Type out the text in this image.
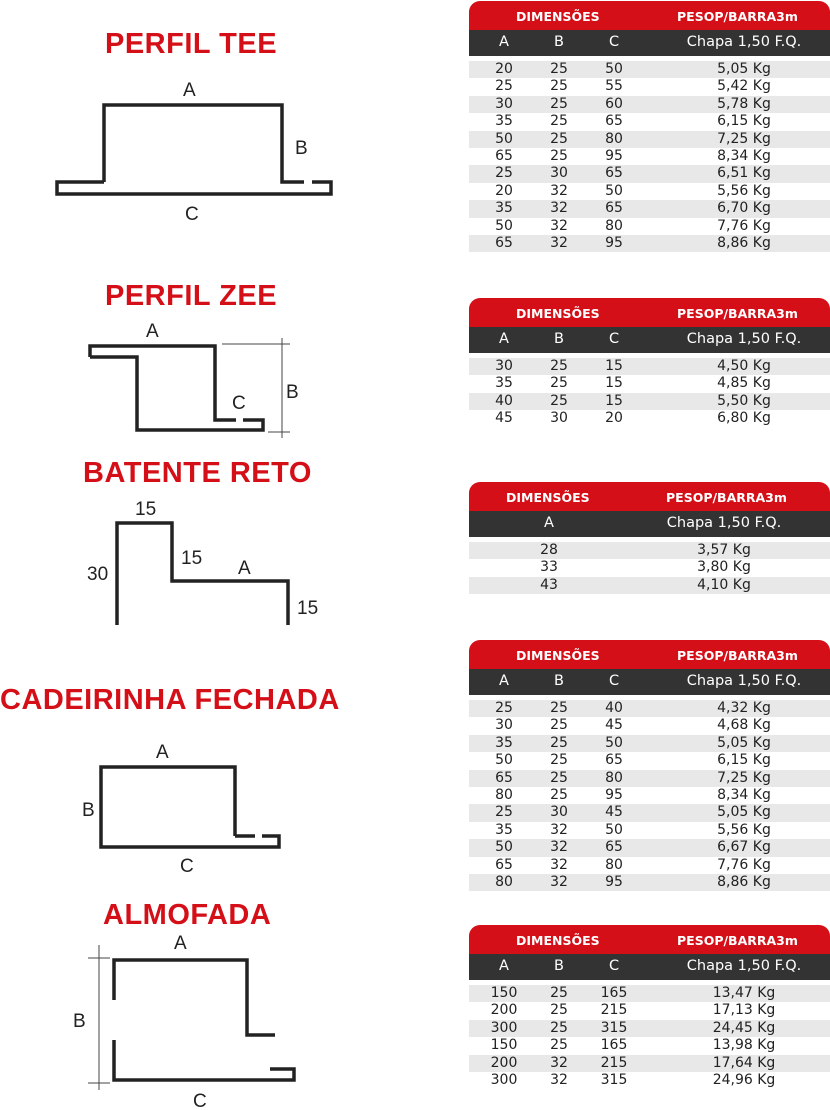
PERFIL TEE
PERFIL ZEE
BATENTE RETO
CADEIRINHA FECHADA
ALMOFADA
A
B
C
A
B
C
15
30
15 A
15
A
B
C
A
B
C
DIMENSÕES	PESOP/BARRA3m
A	B	C	Chapa 1,50 F.Q.
20	25	50	5,05 Kg
25	25	55	5,42 Kg
30	25	60	5,78 Kg
35	25	65	6,15 Kg
50	25	80	7,25 Kg
65	25	95	8,34 Kg
25	30	65	6,51 Kg
20	32	50	5,56 Kg
35	32	65	6,70 Kg
50	32	80	7,76 Kg
65	32	95	8,86 Kg
DIMENSÕES	PESOP/BARRA3m
A	B	C	Chapa 1,50 F.Q.
30	25	15	4,50 Kg
35	25	15	4,85 Kg
40	25	15	5,50 Kg
45	30	20	6,80 Kg
DIMENSÕES	PESOP/BARRA3m
A	Chapa 1,50 F.Q.
28	3,57 Kg
33	3,80 Kg
43	4,10 Kg
DIMENSÕES	PESOP/BARRA3m
A	B	C	Chapa 1,50 F.Q.
25	25	40	4,32 Kg
30	25	45	4,68 Kg
35	25	50	5,05 Kg
50	25	65	6,15 Kg
65	25	80	7,25 Kg
80	25	95	8,34 Kg
25	30	45	5,05 Kg
35	32	50	5,56 Kg
50	32	65	6,67 Kg
65	32	80	7,76 Kg
80	32	95	8,86 Kg
DIMENSÕES	PESOP/BARRA3m
A	B	C	Chapa 1,50 F.Q.
150	25	165	13,47 Kg
200	25	215	17,13 Kg
300	25	315	24,45 Kg
150	25	165	13,98 Kg
200	32	215	17,64 Kg
300	32	315	24,96 Kg
